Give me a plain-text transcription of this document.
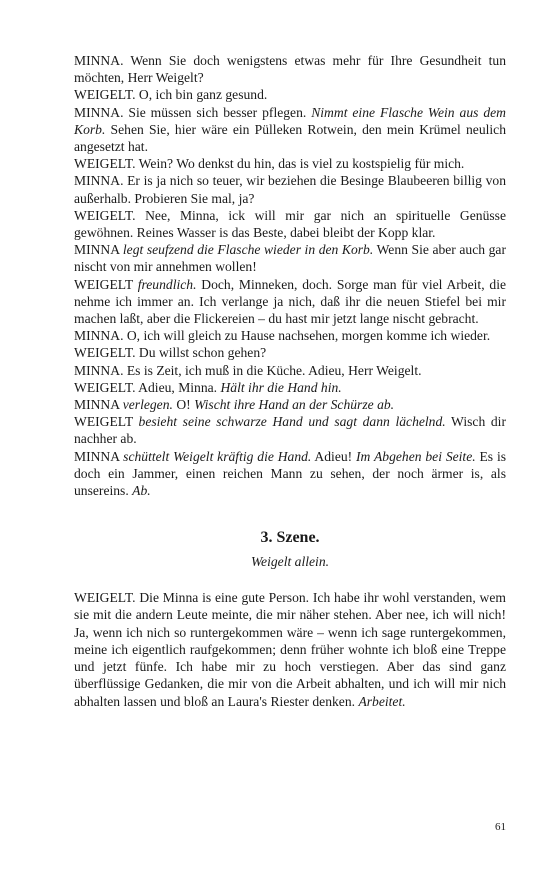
MINNA. Wenn Sie doch wenigstens etwas mehr für Ihre Gesundheit tun möchten, Herr Weigelt?

WEIGELT. O, ich bin ganz gesund.

MINNA. Sie müssen sich besser pflegen. Nimmt eine Flasche Wein aus dem Korb. Sehen Sie, hier wäre ein Pülleken Rotwein, den mein Krümel neulich angesetzt hat.

WEIGELT. Wein? Wo denkst du hin, das is viel zu kostspielig für mich.

MINNA. Er is ja nich so teuer, wir beziehen die Besinge Blaubeeren billig von außerhalb. Probieren Sie mal, ja?

WEIGELT. Nee, Minna, ick will mir gar nich an spirituelle Genüsse gewöhnen. Reines Wasser is das Beste, dabei bleibt der Kopp klar.

MINNA legt seufzend die Flasche wieder in den Korb. Wenn Sie aber auch gar nischt von mir annehmen wollen!

WEIGELT freundlich. Doch, Minneken, doch. Sorge man für viel Arbeit, die nehme ich immer an. Ich verlange ja nich, daß ihr die neuen Stiefel bei mir machen laßt, aber die Flickereien – du hast mir jetzt lange nischt gebracht.

MINNA. O, ich will gleich zu Hause nachsehen, morgen komme ich wieder.

WEIGELT. Du willst schon gehen?

MINNA. Es is Zeit, ich muß in die Küche. Adieu, Herr Weigelt.

WEIGELT. Adieu, Minna. Hält ihr die Hand hin.

MINNA verlegen. O! Wischt ihre Hand an der Schürze ab.

WEIGELT besieht seine schwarze Hand und sagt dann lächelnd. Wisch dir nachher ab.

MINNA schüttelt Weigelt kräftig die Hand. Adieu! Im Abgehen bei Seite. Es is doch ein Jammer, einen reichen Mann zu sehen, der noch ärmer is, als unsereins. Ab.

3. Szene.
Weigelt allein.

WEIGELT. Die Minna is eine gute Person. Ich habe ihr wohl verstanden, wem sie mit die andern Leute meinte, die mir näher stehen. Aber nee, ich will nich! Ja, wenn ich nich so runtergekommen wäre – wenn ich sage runtergekommen, meine ich eigentlich raufgekommen; denn früher wohnte ich bloß eine Treppe und jetzt fünfe. Ich habe mir zu hoch verstiegen. Aber das sind ganz überflüssige Gedanken, die mir von die Arbeit abhalten, und ich will mir nich abhalten lassen und bloß an Laura's Riester denken. Arbeitet.

61
